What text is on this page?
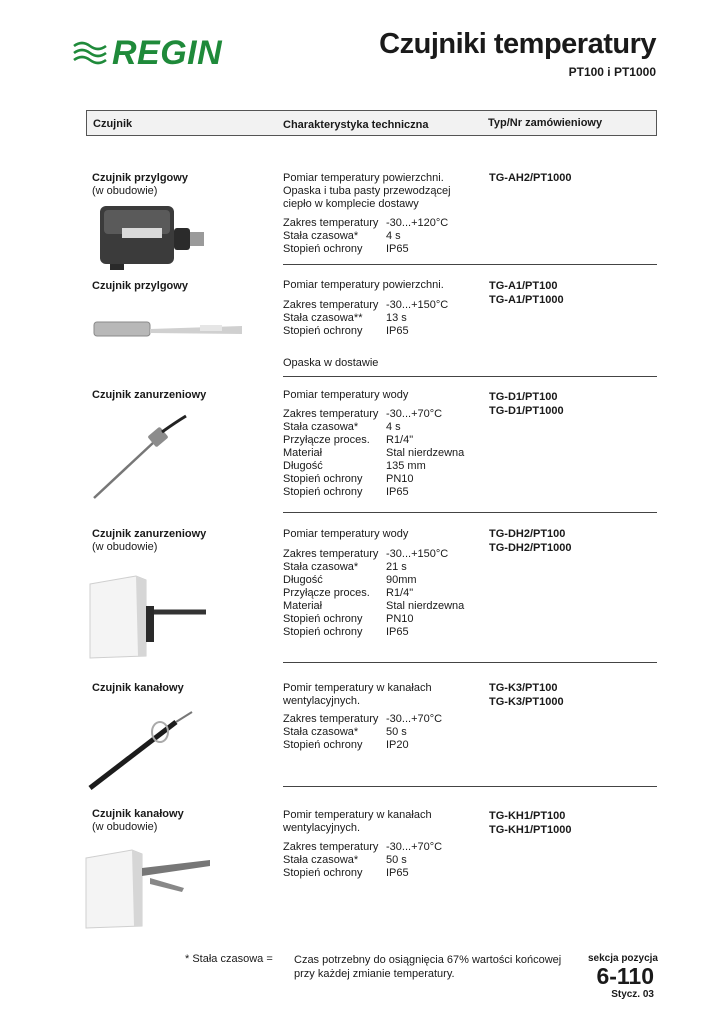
REGIN	Czujniki temperatury
PT100 i PT1000
Czujnik	Charakterystyka techniczna	Typ/Nr zamówieniowy
Czujnik przylgowy
(w obudowie)
Pomiar temperatury powierzchni.
Opaska i tuba pasty przewodzącej
ciepło w komplecie dostawy
Zakres temperatury -30...+120°C
Stała czasowa*	4 s
Stopień ochrony	IP65
TG-AH2/PT1000
Czujnik przylgowy	Pomiar temperatury powierzchni.
Zakres temperatury -30...+150°C
Stała czasowa**	13 s
Stopień ochrony	IP65
Opaska w dostawie
TG-A1/PT100
TG-A1/PT1000
Czujnik zanurzeniowy	Pomiar temperatury wody
Zakres temperatury -30...+70°C
Stała czasowa*	4 s
Przyłącze proces.	R1/4"
Materiał	Stal nierdzewna
Długość	135 mm
Stopień ochrony	PN10
Stopień ochrony	IP65
TG-D1/PT100
TG-D1/PT1000
Czujnik zanurzeniowy
(w obudowie)
Pomiar temperatury wody
Zakres temperatury -30...+150°C
Stała czasowa*	21 s
Długość	90mm
Przyłącze proces.	R1/4"
Materiał	Stal nierdzewna
Stopień ochrony	PN10
Stopień ochrony	IP65
TG-DH2/PT100
TG-DH2/PT1000
Czujnik kanałowy	Pomir temperatury w kanałach
wentylacyjnych.
Zakres temperatury -30...+70°C
Stała czasowa*	50 s
Stopień ochrony	IP20
TG-K3/PT100
TG-K3/PT1000
Czujnik kanałowy
(w obudowie)
Pomir temperatury w kanałach
wentylacyjnych.
Zakres temperatury -30...+70°C
Stała czasowa*	50 s
Stopień ochrony	IP65
TG-KH1/PT100
TG-KH1/PT1000
* Stała czasowa = Czas potrzebny do osiągnięcia 67% wartości końcowej przy każdej zmianie temperatury.
sekcja pozycja
6-110
Stycz. 03
